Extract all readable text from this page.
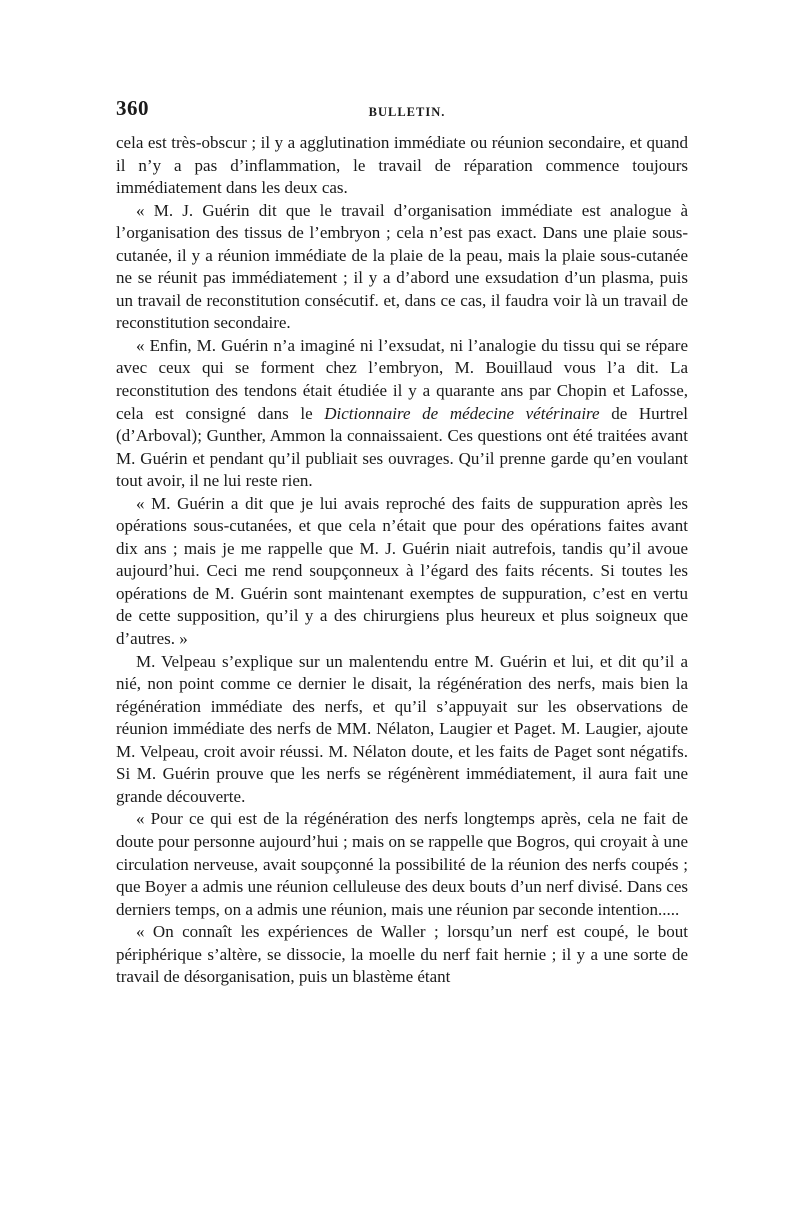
360	BULLETIN.

cela est très-obscur ; il y a agglutination immédiate ou réunion secondaire, et quand il n’y a pas d’inflammation, le travail de réparation commence toujours immédiatement dans les deux cas.

« M. J. Guérin dit que le travail d’organisation immédiate est analogue à l’organisation des tissus de l’embryon ; cela n’est pas exact. Dans une plaie sous-cutanée, il y a réunion immédiate de la plaie de la peau, mais la plaie sous-cutanée ne se réunit pas immédiatement ; il y a d’abord une exsudation d’un plasma, puis un travail de reconstitution consécutif. et, dans ce cas, il faudra voir là un travail de reconstitution secondaire.

« Enfin, M. Guérin n’a imaginé ni l’exsudat, ni l’analogie du tissu qui se répare avec ceux qui se forment chez l’embryon, M. Bouillaud vous l’a dit. La reconstitution des tendons était étudiée il y a quarante ans par Chopin et Lafosse, cela est consigné dans le Dictionnaire de médecine vétérinaire de Hurtrel (d’Arboval); Gunther, Ammon la connaissaient. Ces questions ont été traitées avant M. Guérin et pendant qu’il publiait ses ouvrages. Qu’il prenne garde qu’en voulant tout avoir, il ne lui reste rien.

« M. Guérin a dit que je lui avais reproché des faits de suppuration après les opérations sous-cutanées, et que cela n’était que pour des opérations faites avant dix ans ; mais je me rappelle que M. J. Guérin niait autrefois, tandis qu’il avoue aujourd’hui. Ceci me rend soupçonneux à l’égard des faits récents. Si toutes les opérations de M. Guérin sont maintenant exemptes de suppuration, c’est en vertu de cette supposition, qu’il y a des chirurgiens plus heureux et plus soigneux que d’autres. »

M. Velpeau s’explique sur un malentendu entre M. Guérin et lui, et dit qu’il a nié, non point comme ce dernier le disait, la régénération des nerfs, mais bien la régénération immédiate des nerfs, et qu’il s’appuyait sur les observations de réunion immédiate des nerfs de MM. Nélaton, Laugier et Paget. M. Laugier, ajoute M. Velpeau, croit avoir réussi. M. Nélaton doute, et les faits de Paget sont négatifs. Si M. Guérin prouve que les nerfs se régénèrent immédiatement, il aura fait une grande découverte.

« Pour ce qui est de la régénération des nerfs longtemps après, cela ne fait de doute pour personne aujourd’hui ; mais on se rappelle que Bogros, qui croyait à une circulation nerveuse, avait soupçonné la possibilité de la réunion des nerfs coupés ; que Boyer a admis une réunion celluleuse des deux bouts d’un nerf divisé. Dans ces derniers temps, on a admis une réunion, mais une réunion par seconde intention.....

« On connaît les expériences de Waller ; lorsqu’un nerf est coupé, le bout périphérique s’altère, se dissocie, la moelle du nerf fait hernie ; il y a une sorte de travail de désorganisation, puis un blastème étant
